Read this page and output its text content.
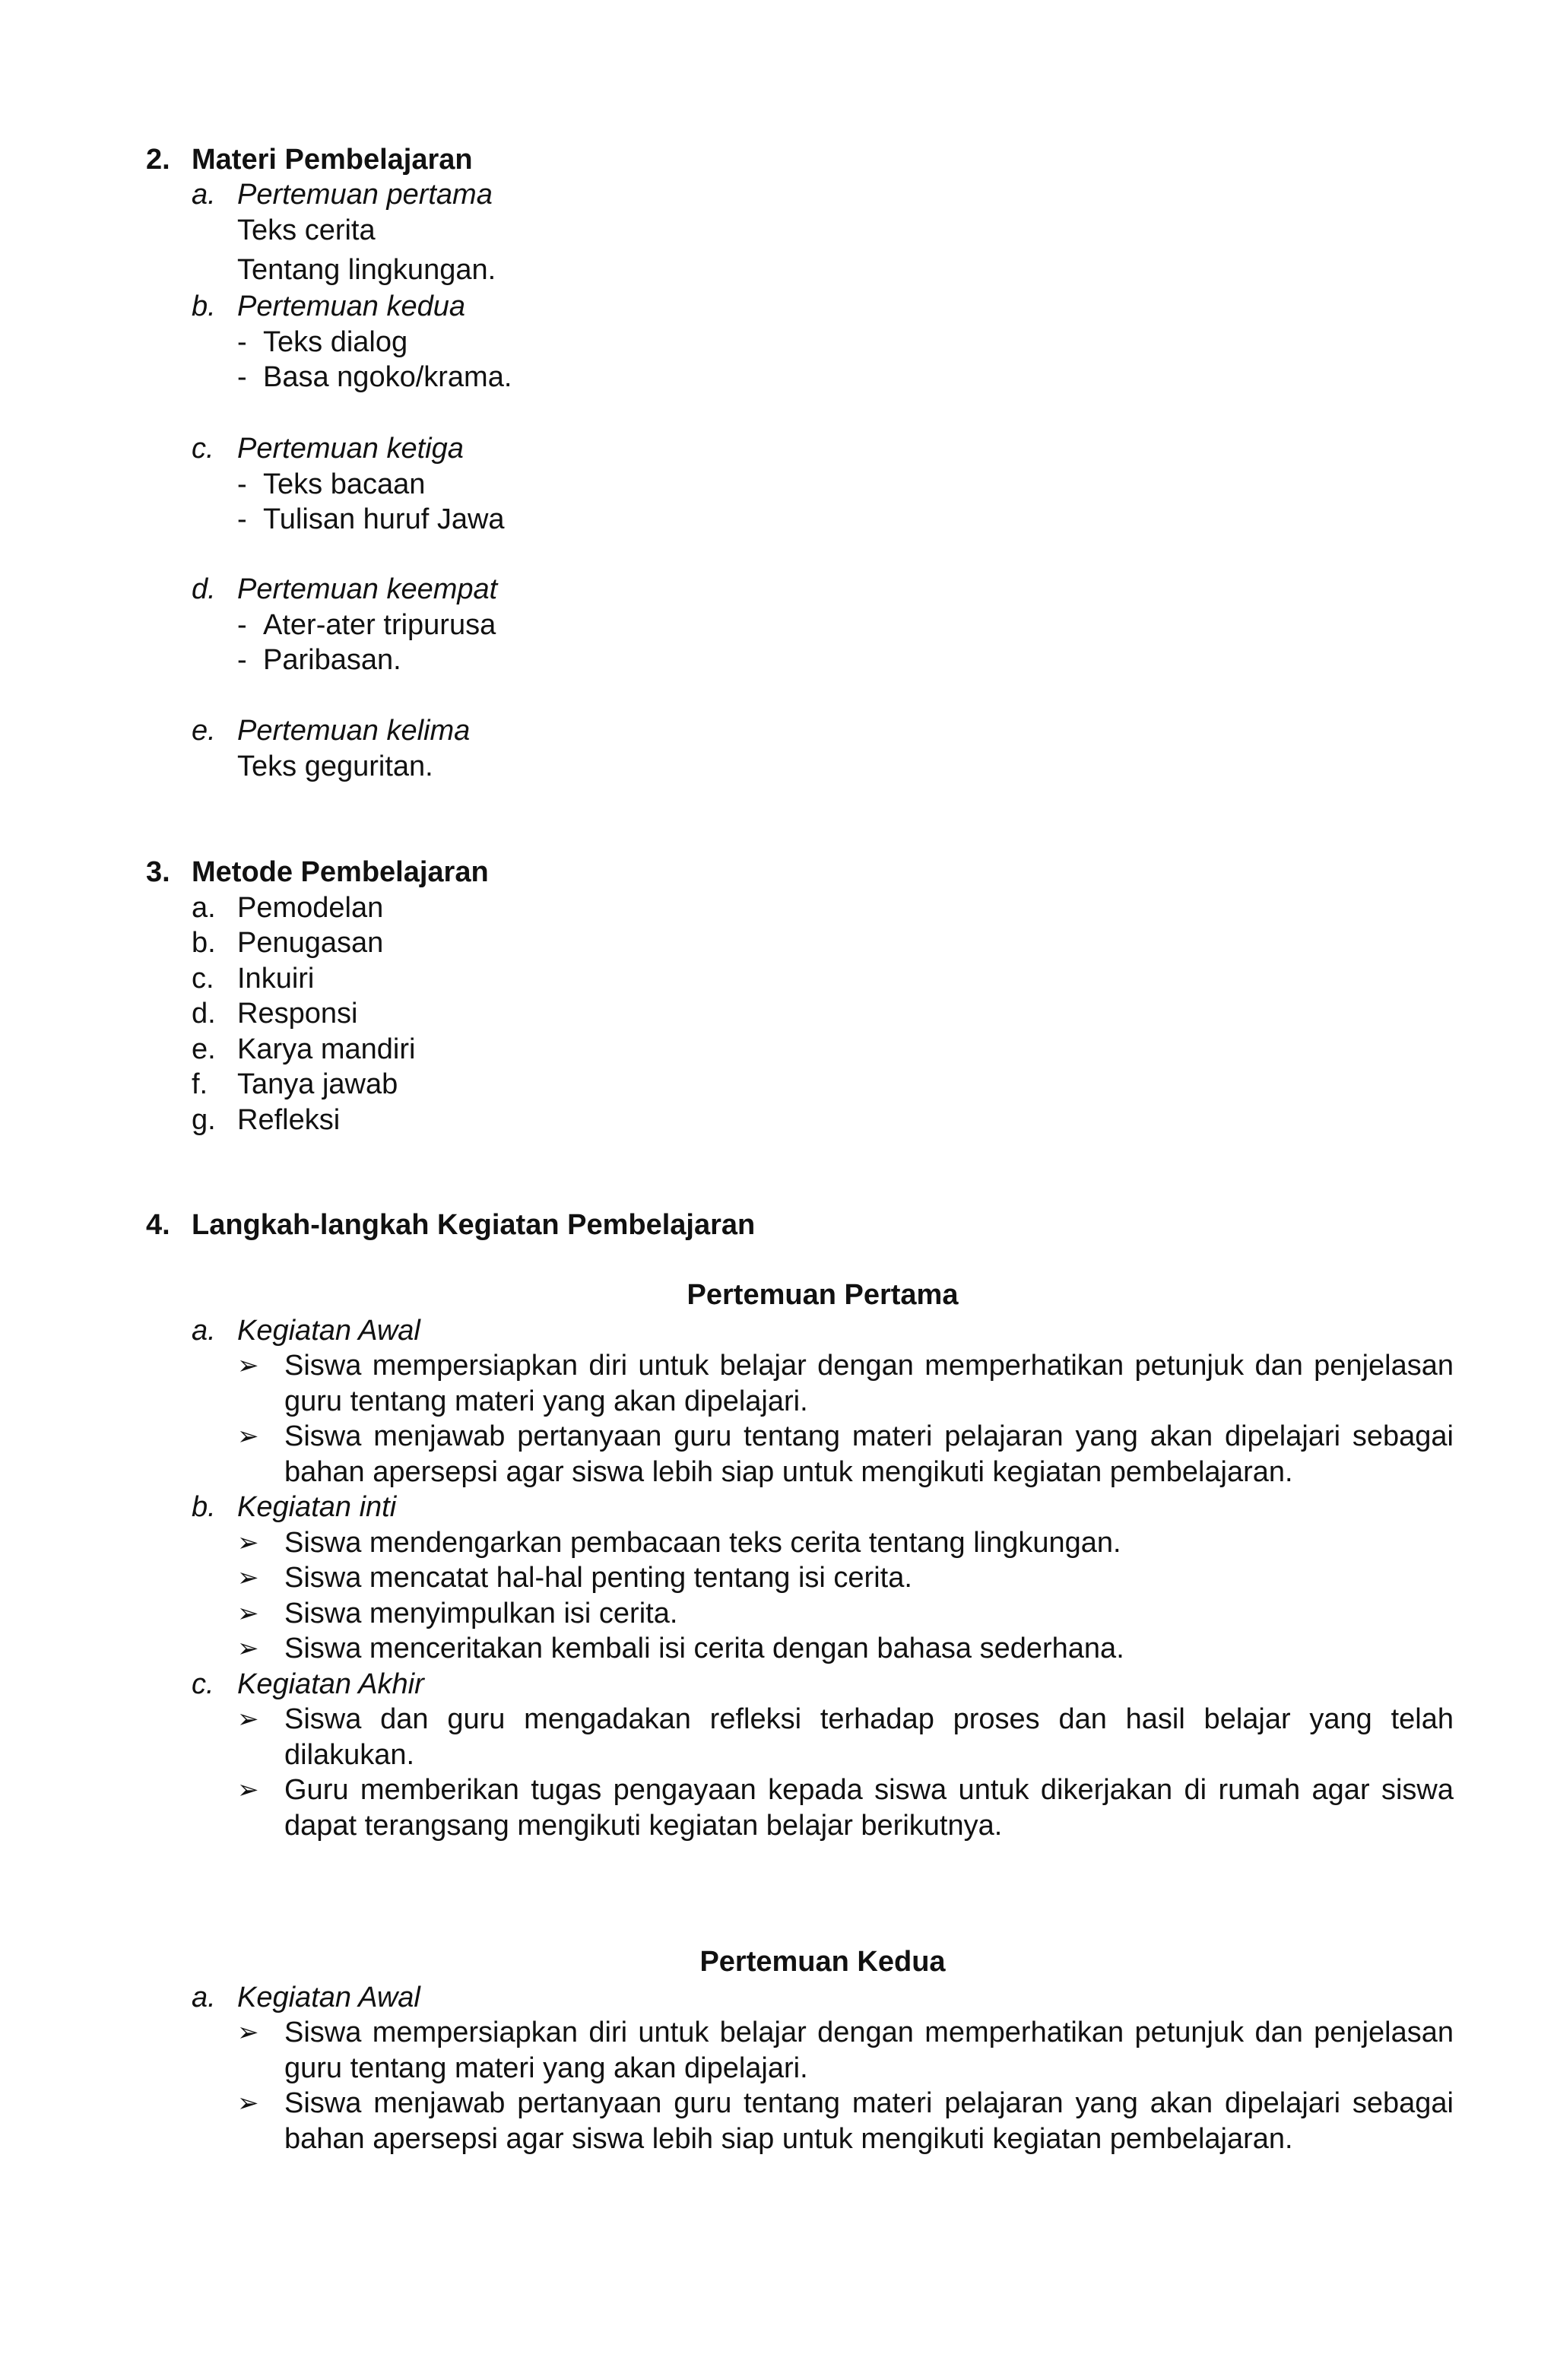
2. Materi Pembelajaran
a. Pertemuan pertama
Teks cerita
Tentang lingkungan.
b. Pertemuan kedua
- Teks dialog
- Basa ngoko/krama.
c. Pertemuan ketiga
- Teks bacaan
- Tulisan huruf Jawa
d. Pertemuan keempat
- Ater-ater tripurusa
- Paribasan.
e. Pertemuan kelima
Teks geguritan.
3. Metode Pembelajaran
a. Pemodelan
b. Penugasan
c. Inkuiri
d. Responsi
e. Karya mandiri
f. Tanya jawab
g. Refleksi
4. Langkah-langkah Kegiatan Pembelajaran
Pertemuan Pertama
a. Kegiatan Awal
➢ Siswa mempersiapkan diri untuk belajar dengan memperhatikan petunjuk dan penjelasan guru tentang materi yang akan dipelajari.
➢ Siswa menjawab pertanyaan guru tentang materi pelajaran yang akan dipelajari sebagai bahan apersepsi agar siswa lebih siap untuk mengikuti kegiatan pembelajaran.
b. Kegiatan inti
➢ Siswa mendengarkan pembacaan teks cerita tentang lingkungan.
➢ Siswa mencatat hal-hal penting tentang isi cerita.
➢ Siswa menyimpulkan isi cerita.
➢ Siswa menceritakan kembali isi cerita dengan bahasa sederhana.
c. Kegiatan Akhir
➢ Siswa dan guru mengadakan refleksi terhadap proses dan hasil belajar yang telah dilakukan.
➢ Guru memberikan tugas pengayaan kepada siswa untuk dikerjakan di rumah agar siswa dapat terangsang mengikuti kegiatan belajar berikutnya.
Pertemuan Kedua
a. Kegiatan Awal
➢ Siswa mempersiapkan diri untuk belajar dengan memperhatikan petunjuk dan penjelasan guru tentang materi yang akan dipelajari.
➢ Siswa menjawab pertanyaan guru tentang materi pelajaran yang akan dipelajari sebagai bahan apersepsi agar siswa lebih siap untuk mengikuti kegiatan pembelajaran.
